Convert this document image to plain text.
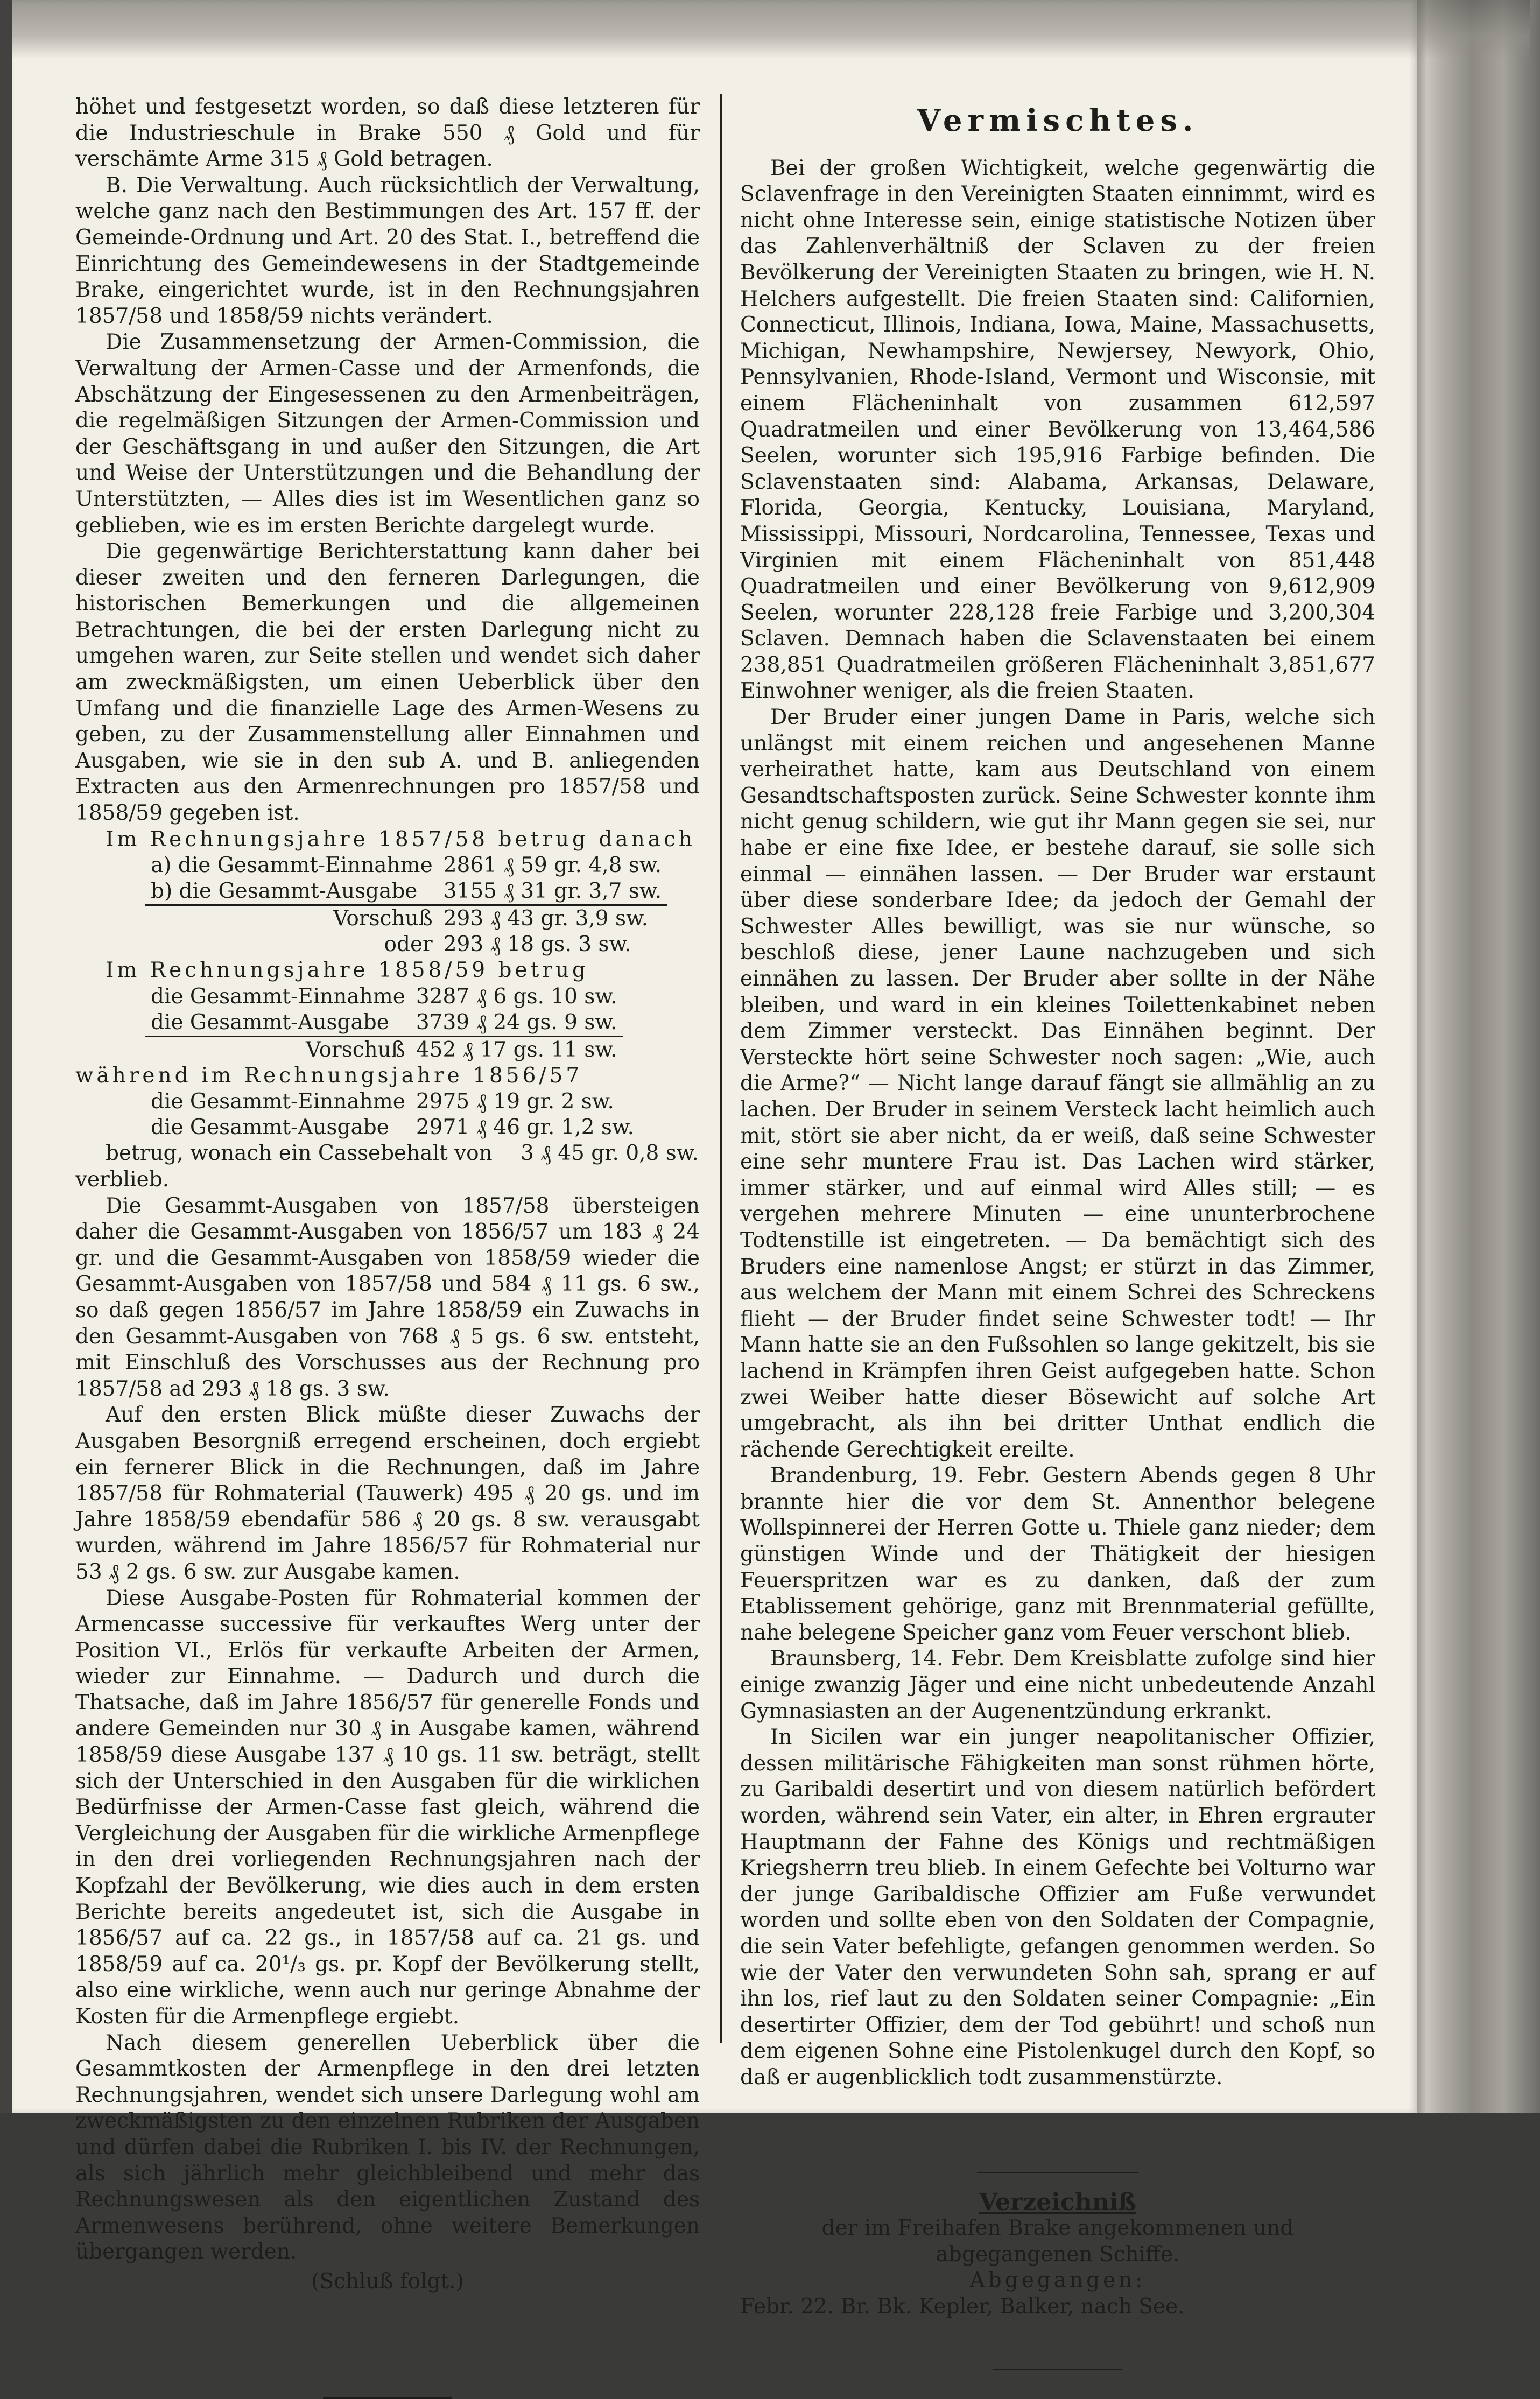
höhet und festgesetzt worden, so daß diese letzteren für die Industrieschule in Brake 550 ₰ Gold und für verschämte Arme 315 ₰ Gold betragen.

B. Die Verwaltung. Auch rücksichtlich der Verwaltung, welche ganz nach den Bestimmungen des Art. 157 ff. der Gemeinde-Ordnung und Art. 20 des Stat. I., betreffend die Einrichtung des Gemeindewesens in der Stadtgemeinde Brake, eingerichtet wurde, ist in den Rechnungsjahren 1857/58 und 1858/59 nichts verändert.

Die Zusammensetzung der Armen-Commission, die Verwaltung der Armen-Casse und der Armenfonds, die Abschätzung der Eingesessenen zu den Armenbeiträgen, die regelmäßigen Sitzungen der Armen-Commission und der Geschäftsgang in und außer den Sitzungen, die Art und Weise der Unterstützungen und die Behandlung der Unterstützten, — Alles dies ist im Wesentlichen ganz so geblieben, wie es im ersten Berichte dargelegt wurde.

Die gegenwärtige Berichterstattung kann daher bei dieser zweiten und den ferneren Darlegungen, die historischen Bemerkungen und die allgemeinen Betrachtungen, die bei der ersten Darlegung nicht zu umgehen waren, zur Seite stellen und wendet sich daher am zweckmäßigsten, um einen Ueberblick über den Umfang und die finanzielle Lage des Armen-Wesens zu geben, zu der Zusammenstellung aller Einnahmen und Ausgaben, wie sie in den sub A. und B. anliegenden Extracten aus den Armenrechnungen pro 1857/58 und 1858/59 gegeben ist.

Im Rechnungsjahre 1857/58 betrug danach

a) die Gesammt-Einnahme	2861 ₰ 59 gr. 4,8 sw.
b) die Gesammt-Ausgabe	3155 ₰ 31 gr. 3,7 sw.
Vorschuß	293 ₰ 43 gr. 3,9 sw.
oder	293 ₰ 18 gs. 3 sw.

Im Rechnungsjahre 1858/59 betrug

die Gesammt-Einnahme	3287 ₰ 6 gs. 10 sw.
die Gesammt-Ausgabe	3739 ₰ 24 gs. 9 sw.
Vorschuß	452 ₰ 17 gs. 11 sw.

während im Rechnungsjahre 1856/57

die Gesammt-Einnahme	2975 ₰ 19 gr. 2 sw.
die Gesammt-Ausgabe	2971 ₰ 46 gr. 1,2 sw.

betrug, wonach ein Cassebehalt von 3 ₰ 45 gr. 0,8 sw.

verblieb.

Die Gesammt-Ausgaben von 1857/58 übersteigen daher die Gesammt-Ausgaben von 1856/57 um 183 ₰ 24 gr. und die Gesammt-Ausgaben von 1858/59 wieder die Gesammt-Ausgaben von 1857/58 und 584 ₰ 11 gs. 6 sw., so daß gegen 1856/57 im Jahre 1858/59 ein Zuwachs in den Gesammt-Ausgaben von 768 ₰ 5 gs. 6 sw. entsteht, mit Einschluß des Vorschusses aus der Rechnung pro 1857/58 ad 293 ₰ 18 gs. 3 sw.

Auf den ersten Blick müßte dieser Zuwachs der Ausgaben Besorgniß erregend erscheinen, doch ergiebt ein fernerer Blick in die Rechnungen, daß im Jahre 1857/58 für Rohmaterial (Tauwerk) 495 ₰ 20 gs. und im Jahre 1858/59 ebendafür 586 ₰ 20 gs. 8 sw. verausgabt wurden, während im Jahre 1856/57 für Rohmaterial nur 53 ₰ 2 gs. 6 sw. zur Ausgabe kamen.

Diese Ausgabe-Posten für Rohmaterial kommen der Armencasse successive für verkauftes Werg unter der Position VI., Erlös für verkaufte Arbeiten der Armen, wieder zur Einnahme. — Dadurch und durch die Thatsache, daß im Jahre 1856/57 für generelle Fonds und andere Gemeinden nur 30 ₰ in Ausgabe kamen, während 1858/59 diese Ausgabe 137 ₰ 10 gs. 11 sw. beträgt, stellt sich der Unterschied in den Ausgaben für die wirklichen Bedürfnisse der Armen-Casse fast gleich, während die Vergleichung der Ausgaben für die wirkliche Armenpflege in den drei vorliegenden Rechnungsjahren nach der Kopfzahl der Bevölkerung, wie dies auch in dem ersten Berichte bereits angedeutet ist, sich die Ausgabe in 1856/57 auf ca. 22 gs., in 1857/58 auf ca. 21 gs. und 1858/59 auf ca. 20¹/₃ gs. pr. Kopf der Bevölkerung stellt, also eine wirkliche, wenn auch nur geringe Abnahme der Kosten für die Armenpflege ergiebt.

Nach diesem generellen Ueberblick über die Gesammtkosten der Armenpflege in den drei letzten Rechnungsjahren, wendet sich unsere Darlegung wohl am zweckmäßigsten zu den einzelnen Rubriken der Ausgaben und dürfen dabei die Rubriken I. bis IV. der Rechnungen, als sich jährlich mehr gleichbleibend und mehr das Rechnungswesen als den eigentlichen Zustand des Armenwesens berührend, ohne weitere Bemerkungen übergangen werden.

(Schluß folgt.)

Vermischtes.

Bei der großen Wichtigkeit, welche gegenwärtig die Sclavenfrage in den Vereinigten Staaten einnimmt, wird es nicht ohne Interesse sein, einige statistische Notizen über das Zahlenverhältniß der Sclaven zu der freien Bevölkerung der Vereinigten Staaten zu bringen, wie H. N. Helchers aufgestellt. Die freien Staaten sind: Californien, Connecticut, Illinois, Indiana, Iowa, Maine, Massachusetts, Michigan, Newhampshire, Newjersey, Newyork, Ohio, Pennsylvanien, Rhode-Island, Vermont und Wisconsie, mit einem Flächeninhalt von zusammen 612,597 Quadratmeilen und einer Bevölkerung von 13,464,586 Seelen, worunter sich 195,916 Farbige befinden. Die Sclavenstaaten sind: Alabama, Arkansas, Delaware, Florida, Georgia, Kentucky, Louisiana, Maryland, Mississippi, Missouri, Nordcarolina, Tennessee, Texas und Virginien mit einem Flächeninhalt von 851,448 Quadratmeilen und einer Bevölkerung von 9,612,909 Seelen, worunter 228,128 freie Farbige und 3,200,304 Sclaven. Demnach haben die Sclavenstaaten bei einem 238,851 Quadratmeilen größeren Flächeninhalt 3,851,677 Einwohner weniger, als die freien Staaten.

Der Bruder einer jungen Dame in Paris, welche sich unlängst mit einem reichen und angesehenen Manne verheirathet hatte, kam aus Deutschland von einem Gesandtschaftsposten zurück. Seine Schwester konnte ihm nicht genug schildern, wie gut ihr Mann gegen sie sei, nur habe er eine fixe Idee, er bestehe darauf, sie solle sich einmal — einnähen lassen. — Der Bruder war erstaunt über diese sonderbare Idee; da jedoch der Gemahl der Schwester Alles bewilligt, was sie nur wünsche, so beschloß diese, jener Laune nachzugeben und sich einnähen zu lassen. Der Bruder aber sollte in der Nähe bleiben, und ward in ein kleines Toilettenkabinet neben dem Zimmer versteckt. Das Einnähen beginnt. Der Versteckte hört seine Schwester noch sagen: „Wie, auch die Arme?“ — Nicht lange darauf fängt sie allmählig an zu lachen. Der Bruder in seinem Versteck lacht heimlich auch mit, stört sie aber nicht, da er weiß, daß seine Schwester eine sehr muntere Frau ist. Das Lachen wird stärker, immer stärker, und auf einmal wird Alles still; — es vergehen mehrere Minuten — eine ununterbrochene Todtenstille ist eingetreten. — Da bemächtigt sich des Bruders eine namenlose Angst; er stürzt in das Zimmer, aus welchem der Mann mit einem Schrei des Schreckens flieht — der Bruder findet seine Schwester todt! — Ihr Mann hatte sie an den Fußsohlen so lange gekitzelt, bis sie lachend in Krämpfen ihren Geist aufgegeben hatte. Schon zwei Weiber hatte dieser Bösewicht auf solche Art umgebracht, als ihn bei dritter Unthat endlich die rächende Gerechtigkeit ereilte.

Brandenburg, 19. Febr. Gestern Abends gegen 8 Uhr brannte hier die vor dem St. Annenthor belegene Wollspinnerei der Herren Gotte u. Thiele ganz nieder; dem günstigen Winde und der Thätigkeit der hiesigen Feuerspritzen war es zu danken, daß der zum Etablissement gehörige, ganz mit Brennmaterial gefüllte, nahe belegene Speicher ganz vom Feuer verschont blieb.

Braunsberg, 14. Febr. Dem Kreisblatte zufolge sind hier einige zwanzig Jäger und eine nicht unbedeutende Anzahl Gymnasiasten an der Augenentzündung erkrankt.

In Sicilen war ein junger neapolitanischer Offizier, dessen militärische Fähigkeiten man sonst rühmen hörte, zu Garibaldi desertirt und von diesem natürlich befördert worden, während sein Vater, ein alter, in Ehren ergrauter Hauptmann der Fahne des Königs und rechtmäßigen Kriegsherrn treu blieb. In einem Gefechte bei Volturno war der junge Garibaldische Offizier am Fuße verwundet worden und sollte eben von den Soldaten der Compagnie, die sein Vater befehligte, gefangen genommen werden. So wie der Vater den verwundeten Sohn sah, sprang er auf ihn los, rief laut zu den Soldaten seiner Compagnie: „Ein desertirter Offizier, dem der Tod gebührt! und schoß nun dem eigenen Sohne eine Pistolenkugel durch den Kopf, so daß er augenblicklich todt zusammenstürzte.

Verzeichniß

der im Freihafen Brake angekommenen und abgegangenen Schiffe.

Abgegangen:

Febr. 22. Br. Bk. Kepler, Balker, nach See.
